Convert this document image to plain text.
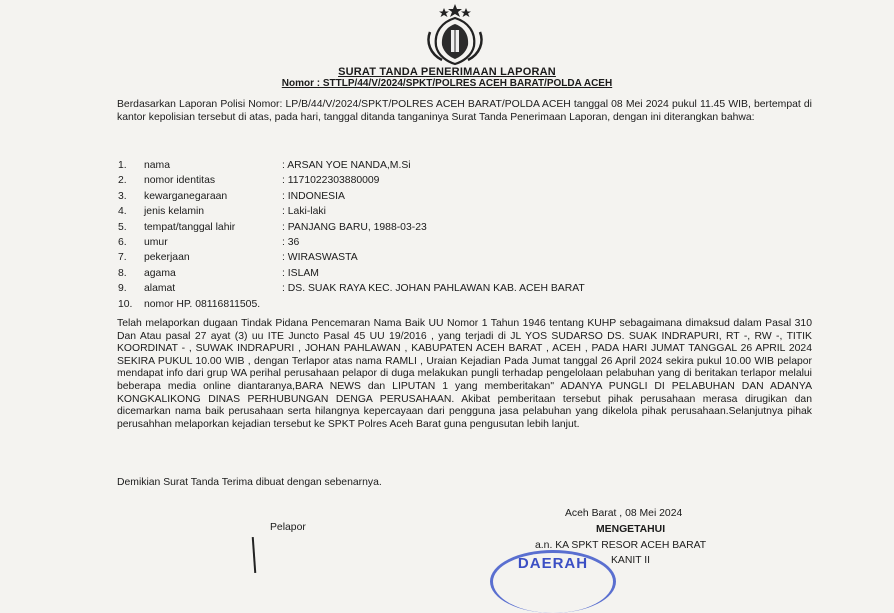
SURAT TANDA PENERIMAAN LAPORAN
Nomor : STTLP/44/V/2024/SPKT/POLRES ACEH BARAT/POLDA ACEH
Berdasarkan Laporan Polisi Nomor: LP/B/44/V/2024/SPKT/POLRES ACEH BARAT/POLDA ACEH tanggal 08 Mei 2024 pukul 11.45 WIB, bertempat di kantor kepolisian tersebut di atas, pada hari, tanggal ditanda tanganinya Surat Tanda Penerimaan Laporan, dengan ini diterangkan bahwa:
1. nama	: ARSAN YOE NANDA,M.Si
2. nomor identitas	: 1171022303880009
3. kewarganegaraan	: INDONESIA
4. jenis kelamin	: Laki-laki
5. tempat/tanggal lahir	: PANJANG BARU, 1988-03-23
6. umur	: 36
7. pekerjaan	: WIRASWASTA
8. agama	: ISLAM
9. alamat	: DS. SUAK RAYA KEC. JOHAN PAHLAWAN KAB. ACEH BARAT
10. nomor HP. 08116811505.
Telah melaporkan dugaan Tindak Pidana Pencemaran Nama Baik UU Nomor 1 Tahun 1946 tentang KUHP sebagaimana dimaksud dalam Pasal 310 Dan Atau pasal 27 ayat (3) uu ITE Juncto Pasal 45 UU 19/2016 , yang terjadi di JL YOS SUDARSO DS. SUAK INDRAPURI, RT -, RW -, TITIK KOORDINAT - , SUWAK INDRAPURI , JOHAN PAHLAWAN , KABUPATEN ACEH BARAT , ACEH , PADA HARI JUMAT TANGGAL 26 APRIL 2024 SEKIRA PUKUL 10.00 WIB , dengan Terlapor atas nama RAMLI , Uraian Kejadian Pada Jumat tanggal 26 April 2024 sekira pukul 10.00 WIB pelapor mendapat info dari grup WA perihal perusahaan pelapor di duga melakukan pungli terhadap pengelolaan pelabuhan yang di beritakan terlapor melalui beberapa media online diantaranya,BARA NEWS dan LIPUTAN 1 yang memberitakan" ADANYA PUNGLI DI PELABUHAN DAN ADANYA KONGKALIKONG DINAS PERHUBUNGAN DENGA PERUSAHAAN. Akibat pemberitaan tersebut pihak perusahaan merasa dirugikan dan dicemarkan nama baik perusahaan serta hilangnya kepercayaan dari pengguna jasa pelabuhan yang dikelola pihak perusahaan.Selanjutnya pihak perusahhan melaporkan kejadian tersebut ke SPKT Polres Aceh Barat guna pengusutan lebih lanjut.
Demikian Surat Tanda Terima dibuat dengan sebenarnya.
Pelapor
Aceh Barat , 08 Mei 2024
MENGETAHUI
a.n. KA SPKT RESOR ACEH BARAT
KANIT II
DAERAH
